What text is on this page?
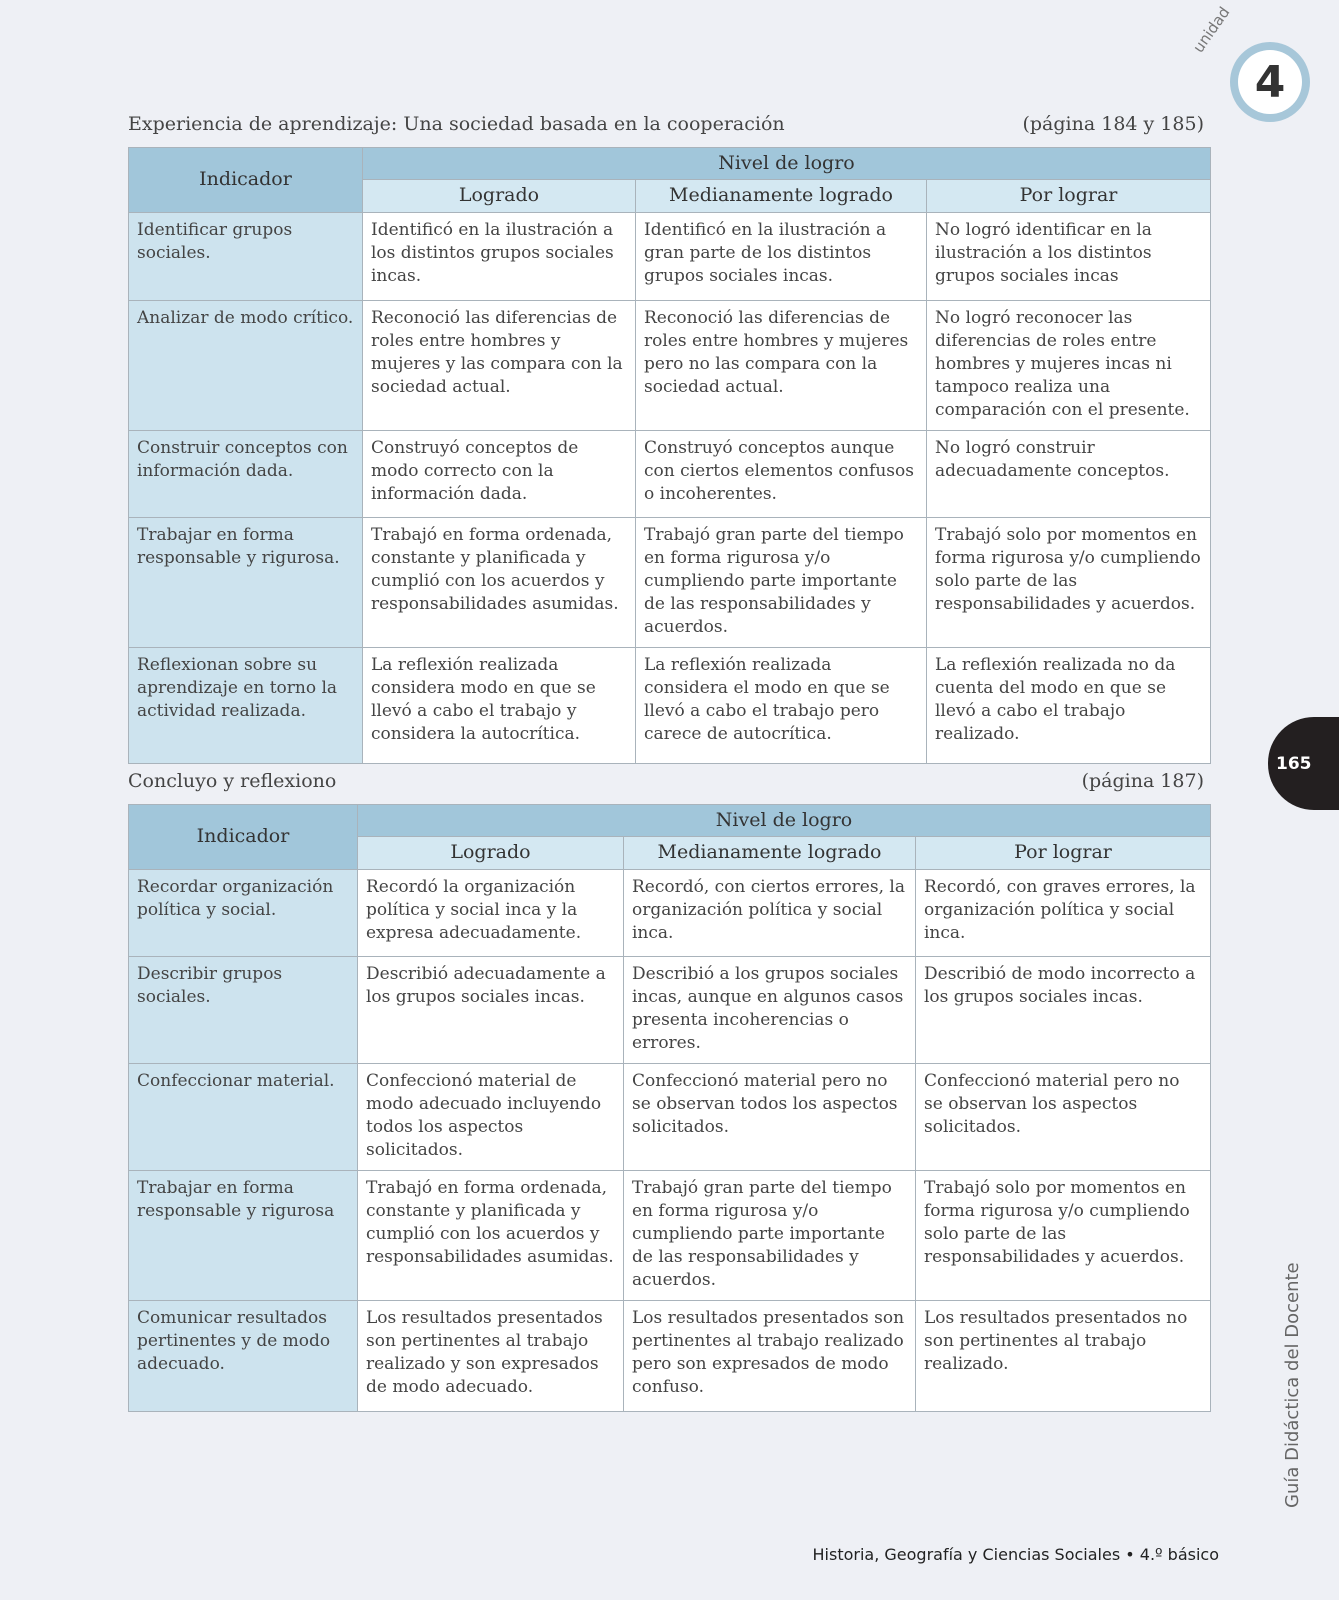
unidad
4
165
Guía Didáctica del Docente
Experiencia de aprendizaje: Una sociedad basada en la cooperación	(página 184 y 185)
Indicador	Nivel de logro		
	Logrado	Medianamente logrado	Por lograr
Identificar grupos sociales.	Identificó en la ilustración a los distintos grupos sociales incas.	Identificó en la ilustración a gran parte de los distintos grupos sociales incas.	No logró identificar en la ilustración a los distintos grupos sociales incas
Analizar de modo crítico.	Reconoció las diferencias de roles entre hombres y mujeres y las compara con la sociedad actual.	Reconoció las diferencias de roles entre hombres y mujeres pero no las compara con la sociedad actual.	No logró reconocer las diferencias de roles entre hombres y mujeres incas ni tampoco realiza una comparación con el presente.
Construir conceptos con información dada.	Construyó conceptos de modo correcto con la información dada.	Construyó conceptos aunque con ciertos elementos confusos o incoherentes.	No logró construir adecuadamente conceptos.
Trabajar en forma responsable y rigurosa.	Trabajó en forma ordenada, constante y planificada y cumplió con los acuerdos y responsabilidades asumidas.	Trabajó gran parte del tiempo en forma rigurosa y/o cumpliendo parte importante de las responsabilidades y acuerdos.	Trabajó solo por momentos en forma rigurosa y/o cumpliendo solo parte de las responsabilidades y acuerdos.
Reflexionan sobre su aprendizaje en torno la actividad realizada.	La reflexión realizada considera modo en que se llevó a cabo el trabajo y considera la autocrítica.	La reflexión realizada considera el modo en que se llevó a cabo el trabajo pero carece de autocrítica.	La reflexión realizada no da cuenta del modo en que se llevó a cabo el trabajo realizado.
Concluyo y reflexiono	(página 187)
Indicador	Nivel de logro		
	Logrado	Medianamente logrado	Por lograr
Recordar organización política y social.	Recordó la organización política y social inca y la expresa adecuadamente.	Recordó, con ciertos errores, la organización política y social inca.	Recordó, con graves errores, la organización política y social inca.
Describir grupos sociales.	Describió adecuadamente a los grupos sociales incas.	Describió a los grupos sociales incas, aunque en algunos casos presenta incoherencias o errores.	Describió de modo incorrecto a los grupos sociales incas.
Confeccionar material.	Confeccionó material de modo adecuado incluyendo todos los aspectos solicitados.	Confeccionó material pero no se observan todos los aspectos solicitados.	Confeccionó material pero no se observan los aspectos solicitados.
Trabajar en forma responsable y rigurosa	Trabajó en forma ordenada, constante y planificada y cumplió con los acuerdos y responsabilidades asumidas.	Trabajó gran parte del tiempo en forma rigurosa y/o cumpliendo parte importante de las responsabilidades y acuerdos.	Trabajó solo por momentos en forma rigurosa y/o cumpliendo solo parte de las responsabilidades y acuerdos.
Comunicar resultados pertinentes y de modo adecuado.	Los resultados presentados son pertinentes al trabajo realizado y son expresados de modo adecuado.	Los resultados presentados son pertinentes al trabajo realizado pero son expresados de modo confuso.	Los resultados presentados no son pertinentes al trabajo realizado.
Historia, Geografía y Ciencias Sociales • 4.º básico
